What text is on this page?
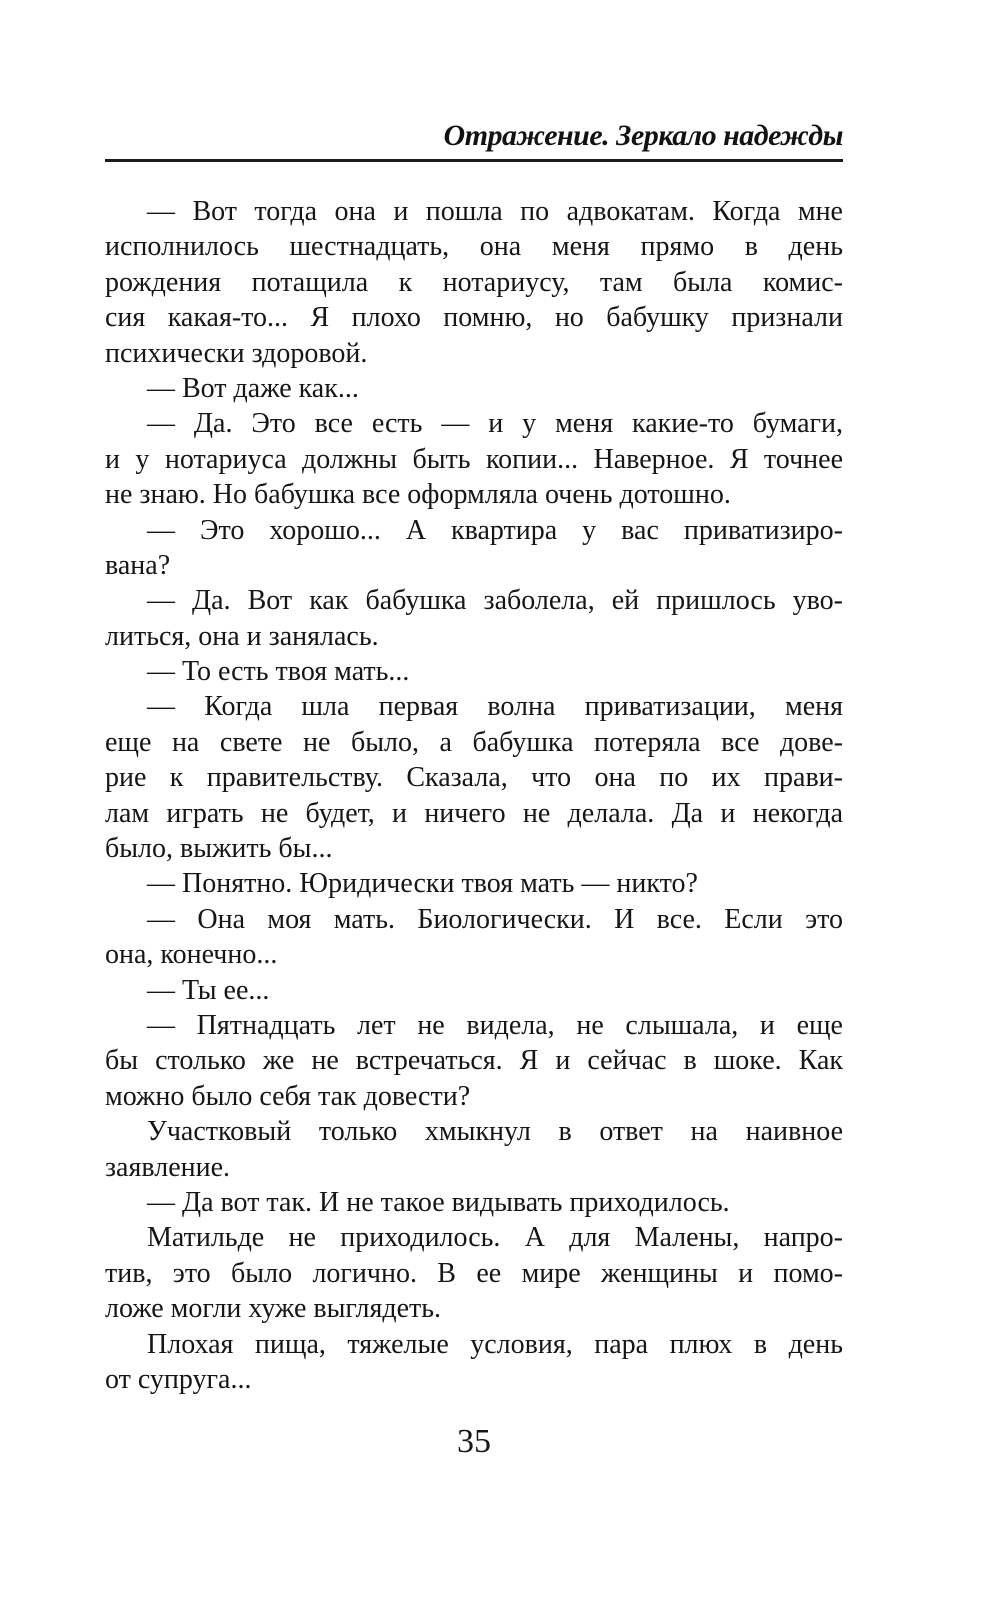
Отражение. Зеркало надежды
— Вот тогда она и пошла по адвокатам. Когда мне
исполнилось шестнадцать, она меня прямо в день
рождения потащила к нотариусу, там была комис-
сия какая-то... Я плохо помню, но бабушку признали
психически здоровой.
— Вот даже как...
— Да. Это все есть — и у меня какие-то бумаги,
и у нотариуса должны быть копии... Наверное. Я точнее
не знаю. Но бабушка все оформляла очень дотошно.
— Это хорошо... А квартира у вас приватизиро-
вана?
— Да. Вот как бабушка заболела, ей пришлось уво-
литься, она и занялась.
— То есть твоя мать...
— Когда шла первая волна приватизации, меня
еще на свете не было, а бабушка потеряла все дове-
рие к правительству. Сказала, что она по их прави-
лам играть не будет, и ничего не делала. Да и некогда
было, выжить бы...
— Понятно. Юридически твоя мать — никто?
— Она моя мать. Биологически. И все. Если это
она, конечно...
— Ты ее...
— Пятнадцать лет не видела, не слышала, и еще
бы столько же не встречаться. Я и сейчас в шоке. Как
можно было себя так довести?
Участковый только хмыкнул в ответ на наивное
заявление.
— Да вот так. И не такое видывать приходилось.
Матильде не приходилось. А для Малены, напро-
тив, это было логично. В ее мире женщины и помо-
ложе могли хуже выглядеть.
Плохая пища, тяжелые условия, пара плюх в день
от супруга...
35
